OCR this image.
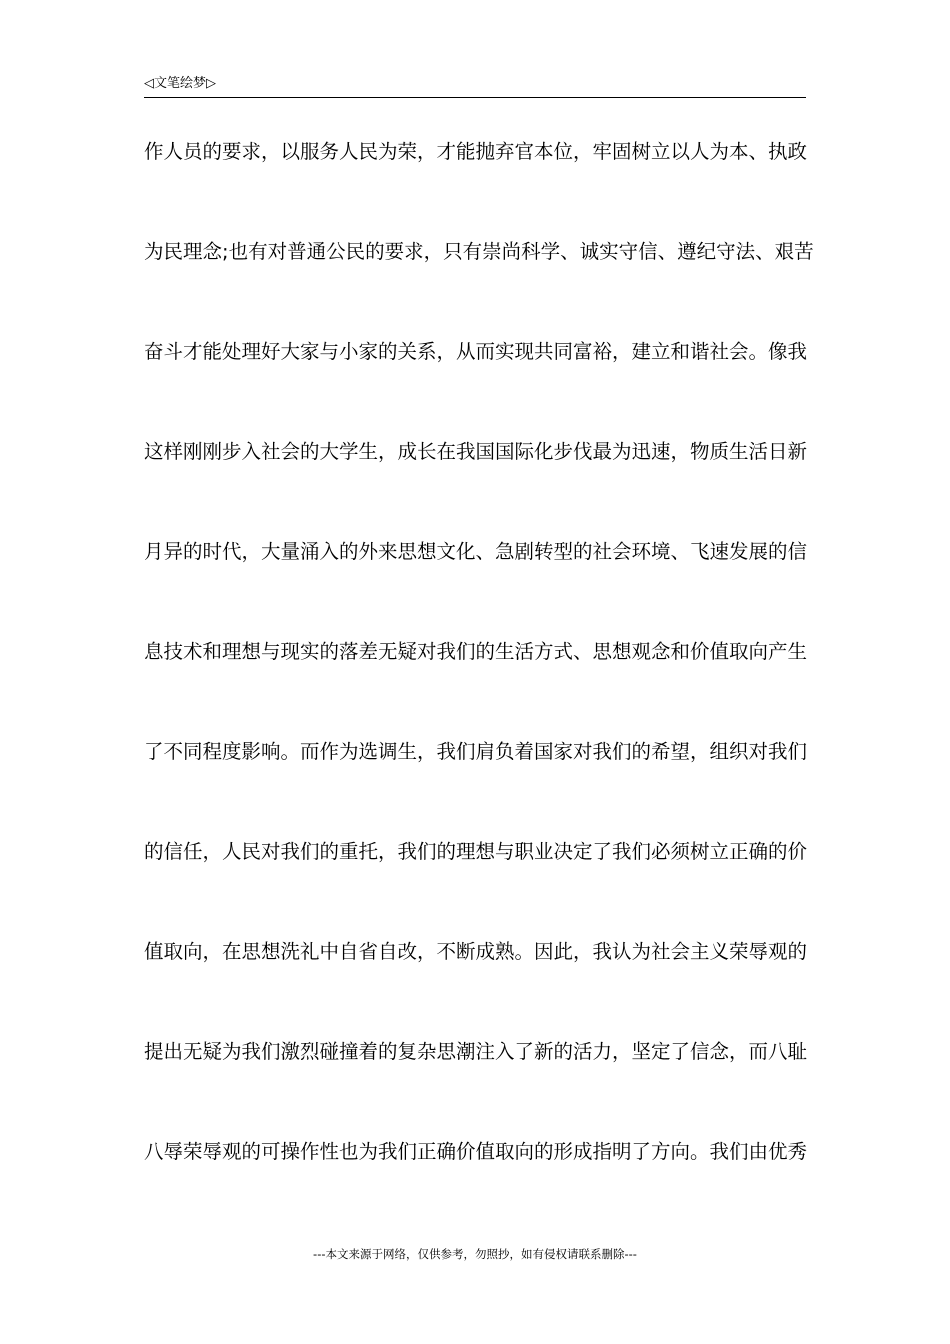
◁文笔绘梦▷
作人员的要求，以服务人民为荣，才能抛弃官本位，牢固树立以人为本、执政
为民理念;也有对普通公民的要求，只有崇尚科学、诚实守信、遵纪守法、艰苦
奋斗才能处理好大家与小家的关系，从而实现共同富裕，建立和谐社会。像我
这样刚刚步入社会的大学生，成长在我国国际化步伐最为迅速，物质生活日新
月异的时代，大量涌入的外来思想文化、急剧转型的社会环境、飞速发展的信
息技术和理想与现实的落差无疑对我们的生活方式、思想观念和价值取向产生
了不同程度影响。而作为选调生，我们肩负着国家对我们的希望，组织对我们
的信任，人民对我们的重托，我们的理想与职业决定了我们必须树立正确的价
值取向，在思想洗礼中自省自改，不断成熟。因此，我认为社会主义荣辱观的
提出无疑为我们激烈碰撞着的复杂思潮注入了新的活力，坚定了信念，而八耻
八辱荣辱观的可操作性也为我们正确价值取向的形成指明了方向。我们由优秀
---本文来源于网络，仅供参考，勿照抄，如有侵权请联系删除---
